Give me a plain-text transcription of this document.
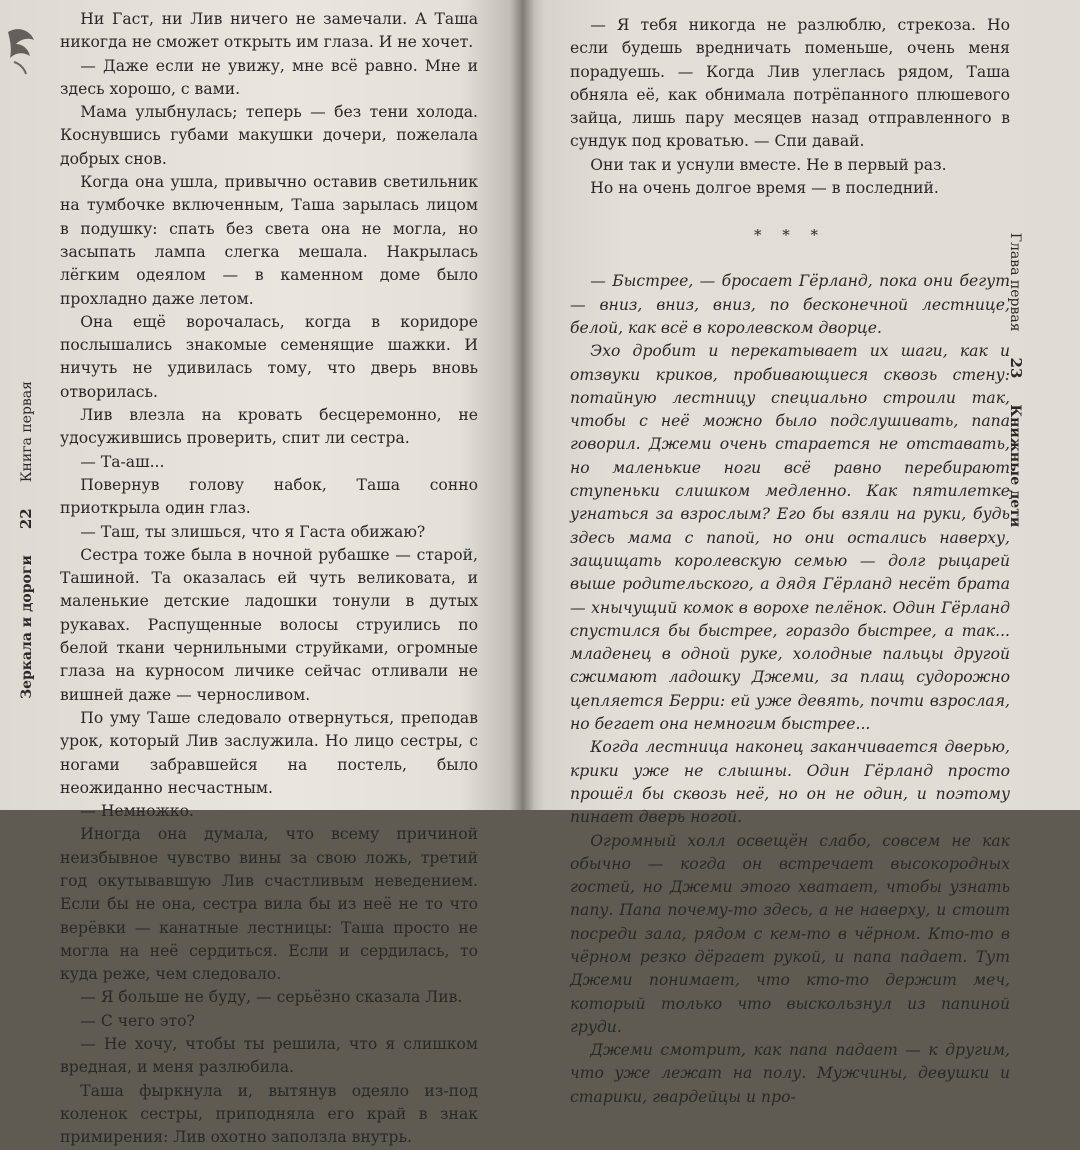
Зеркала и дороги22Книга первая

Ни Гаст, ни Лив ничего не замечали. А Таша никогда не сможет открыть им глаза. И не хочет.

— Даже если не увижу, мне всё равно. Мне и здесь хорошо, с вами.

Мама улыбнулась; теперь — без тени холода. Коснувшись губами макушки дочери, пожелала добрых снов.

Когда она ушла, привычно оставив светильник на тумбочке включенным, Таша зарылась лицом в подушку: спать без света она не могла, но засыпать лампа слегка мешала. Накрылась лёгким одеялом — в каменном доме было прохладно даже летом.

Она ещё ворочалась, когда в коридоре послышались знакомые семенящие шажки. И ничуть не удивилась тому, что дверь вновь отворилась.

Лив влезла на кровать бесцеремонно, не удосужившись проверить, спит ли сестра.

— Та-аш...

Повернув голову набок, Таша сонно приоткрыла один глаз.

— Таш, ты злишься, что я Гаста обижаю?

Сестра тоже была в ночной рубашке — старой, Ташиной. Та оказалась ей чуть великовата, и маленькие детские ладошки тонули в дутых рукавах. Распущенные волосы струились по белой ткани чернильными струйками, огромные глаза на курносом личике сейчас отливали не вишней даже — черносливом.

По уму Таше следовало отвернуться, преподав урок, который Лив заслужила. Но лицо сестры, с ногами забравшейся на постель, было неожиданно несчастным.

— Немножко.

Иногда она думала, что всему причиной неизбывное чувство вины за свою ложь, третий год окутывавшую Лив счастливым неведением. Если бы не она, сестра вила бы из неё не то что верёвки — канатные лестницы: Таша просто не могла на неё сердиться. Если и сердилась, то куда реже, чем следовало.

— Я больше не буду, — серьёзно сказала Лив.

— С чего это?

— Не хочу, чтобы ты решила, что я слишком вредная, и меня разлюбила.

Таша фыркнула и, вытянув одеяло из-под коленок сестры, приподняла его край в знак примирения: Лив охотно заползла внутрь.

— Я тебя никогда не разлюблю, стрекоза. Но если будешь вредничать поменьше, очень меня порадуешь. — Когда Лив улеглась рядом, Таша обняла её, как обнимала потрёпанного плюшевого зайца, лишь пару месяцев назад отправленного в сундук под кроватью. — Спи давай.

Они так и уснули вместе. Не в первый раз.

Но на очень долгое время — в последний.

* * *

— Быстрее, — бросает Гёрланд, пока они бегут — вниз, вниз, вниз, по бесконечной лестнице, белой, как всё в королевском дворце.

Эхо дробит и перекатывает их шаги, как и отзвуки криков, пробивающиеся сквозь стену: потайную лестницу специально строили так, чтобы с неё можно было подслушивать, папа говорил. Джеми очень старается не отставать, но маленькие ноги всё равно перебирают ступеньки слишком медленно. Как пятилетке угнаться за взрослым? Его бы взяли на руки, будь здесь мама с папой, но они остались наверху, защищать королевскую семью — долг рыцарей выше родительского, а дядя Гёрланд несёт брата — хнычущий комок в ворохе пелёнок. Один Гёрланд спустился бы быстрее, гораздо быстрее, а так... младенец в одной руке, холодные пальцы другой сжимают ладошку Джеми, за плащ судорожно цепляется Берри: ей уже девять, почти взрослая, но бегает она немногим быстрее...

Когда лестница наконец заканчивается дверью, крики уже не слышны. Один Гёрланд просто прошёл бы сквозь неё, но он не один, и поэтому пинает дверь ногой.

Огромный холл освещён слабо, совсем не как обычно — когда он встречает высокородных гостей, но Джеми этого хватает, чтобы узнать папу. Папа почему-то здесь, а не наверху, и стоит посреди зала, рядом с кем-то в чёрном. Кто-то в чёрном резко дёргает рукой, и папа падает. Тут Джеми понимает, что кто-то держит меч, который только что выскользнул из папиной груди.

Джеми смотрит, как папа падает — к другим, что уже лежат на полу. Мужчины, девушки и старики, гвардейцы и про-

Глава первая23Книжные дети
